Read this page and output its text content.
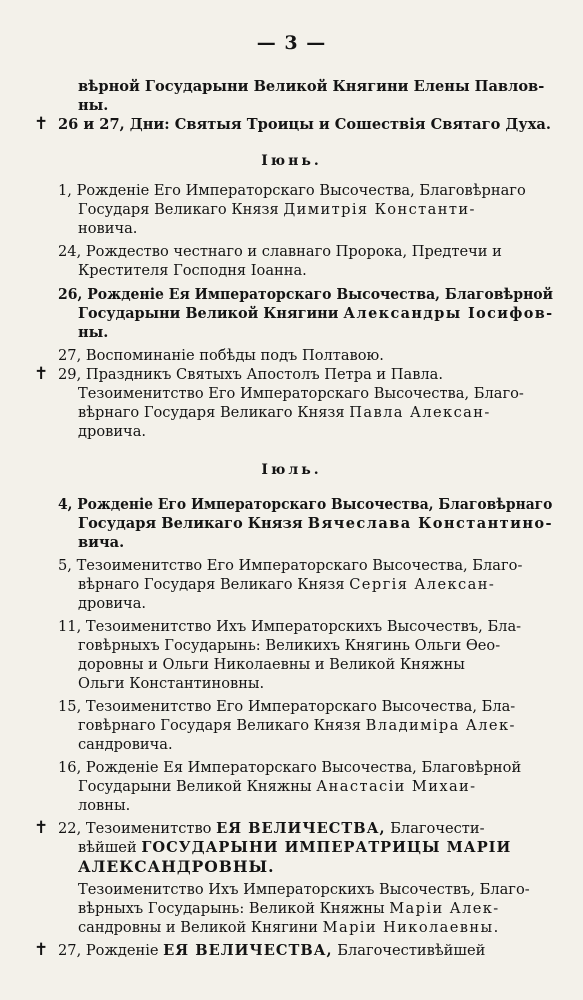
— 3 —
вѣрной Государыни Великой Княгини Елены Павлов-
ны.
✝ 26 и 27, Дни: Святыя Троицы и Сошествія Святаго Духа.
Іюнь.
1, Рожденіе Его Императорскаго Высочества, Благовѣрнаго
Государя Великаго Князя Димитрія Константи-
новича.
24, Рождество честнаго и славнаго Пророка, Предтечи и
Крестителя Господня Іоанна.
26, Рожденіе Ея Императорскаго Высочества, Благовѣрной
Государыни Великой Княгини Александры Іосифов-
ны.
27, Воспоминаніе побѣды подъ Полтавою.
✝ 29, Праздникъ Святыхъ Апостолъ Петра и Павла.
Тезоименитство Его Императорскаго Высочества, Благо-
вѣрнаго Государя Великаго Князя Павла Алексан-
дровича.
Іюль.
4, Рожденіе Его Императорскаго Высочества, Благовѣрнаго
Государя Великаго Князя Вячеслава Константино-
вича.
5, Тезоименитство Его Императорскаго Высочества, Благо-
вѣрнаго Государя Великаго Князя Сергія Алексан-
дровича.
11, Тезоименитство Ихъ Императорскихъ Высочествъ, Бла-
говѣрныхъ Государынь: Великихъ Княгинь Ольги Ѳео-
доровны и Ольги Николаевны и Великой Княжны
Ольги Константиновны.
15, Тезоименитство Его Императорскаго Высочества, Бла-
говѣрнаго Государя Великаго Князя Владиміра Алек-
сандровича.
16, Рожденіе Ея Императорскаго Высочества, Благовѣрной
Государыни Великой Княжны Анастасіи Михаи-
ловны.
✝ 22, Тезоименитство ЕЯ ВЕЛИЧЕСТВА, Благочести-
вѣйшей ГОСУДАРЫНИ ИМПЕРАТРИЦЫ МАРІИ
АЛЕКСАНДРОВНЫ.
Тезоименитство Ихъ Императорскихъ Высочествъ, Благо-
вѣрныхъ Государынь: Великой Княжны Маріи Алек-
сандровны и Великой Княгини Маріи Николаевны.
✝ 27, Рожденіе ЕЯ ВЕЛИЧЕСТВА, Благочестивѣйшей
